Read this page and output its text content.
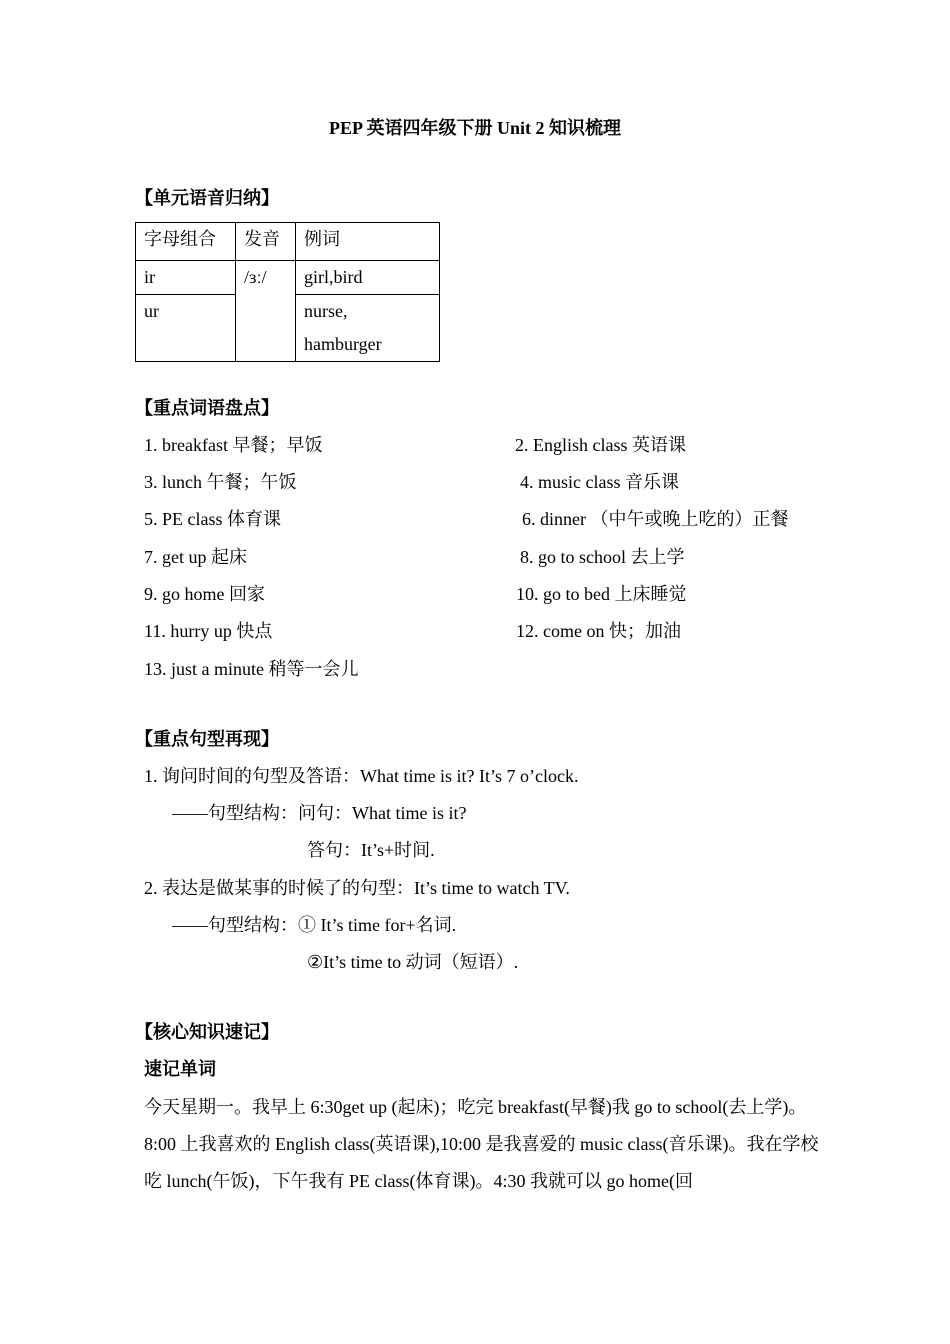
PEP 英语四年级下册 Unit 2 知识梳理
【单元语音归纳】
字母组合	发音	例词
ir	/ɜː/	girl,bird
ur		nurse,
hamburger
【重点词语盘点】
1. breakfast 早餐；早饭	2. English class 英语课
3. lunch 午餐；午饭	4. music class 音乐课
5. PE class 体育课	6. dinner （中午或晚上吃的）正餐
7. get up 起床	8. go to school 去上学
9. go home 回家	10. go to bed 上床睡觉
11. hurry up 快点	12. come on 快；加油
13. just a minute 稍等一会儿
【重点句型再现】
1. 询问时间的句型及答语：What time is it? It’s 7 o’clock.
——句型结构：问句：What time is it?
答句：It’s+时间.
2. 表达是做某事的时候了的句型：It’s time to watch TV.
——句型结构：① It’s time for+名词.
②It’s time to 动词（短语）.
【核心知识速记】
速记单词
今天星期一。我早上 6:30get up (起床)；吃完 breakfast(早餐)我 go to school(去上学)。8:00 上我喜欢的 English class(英语课),10:00 是我喜爱的 music class(音乐课)。我在学校吃 lunch(午饭)，下午我有 PE class(体育课)。4:30 我就可以 go home(回
